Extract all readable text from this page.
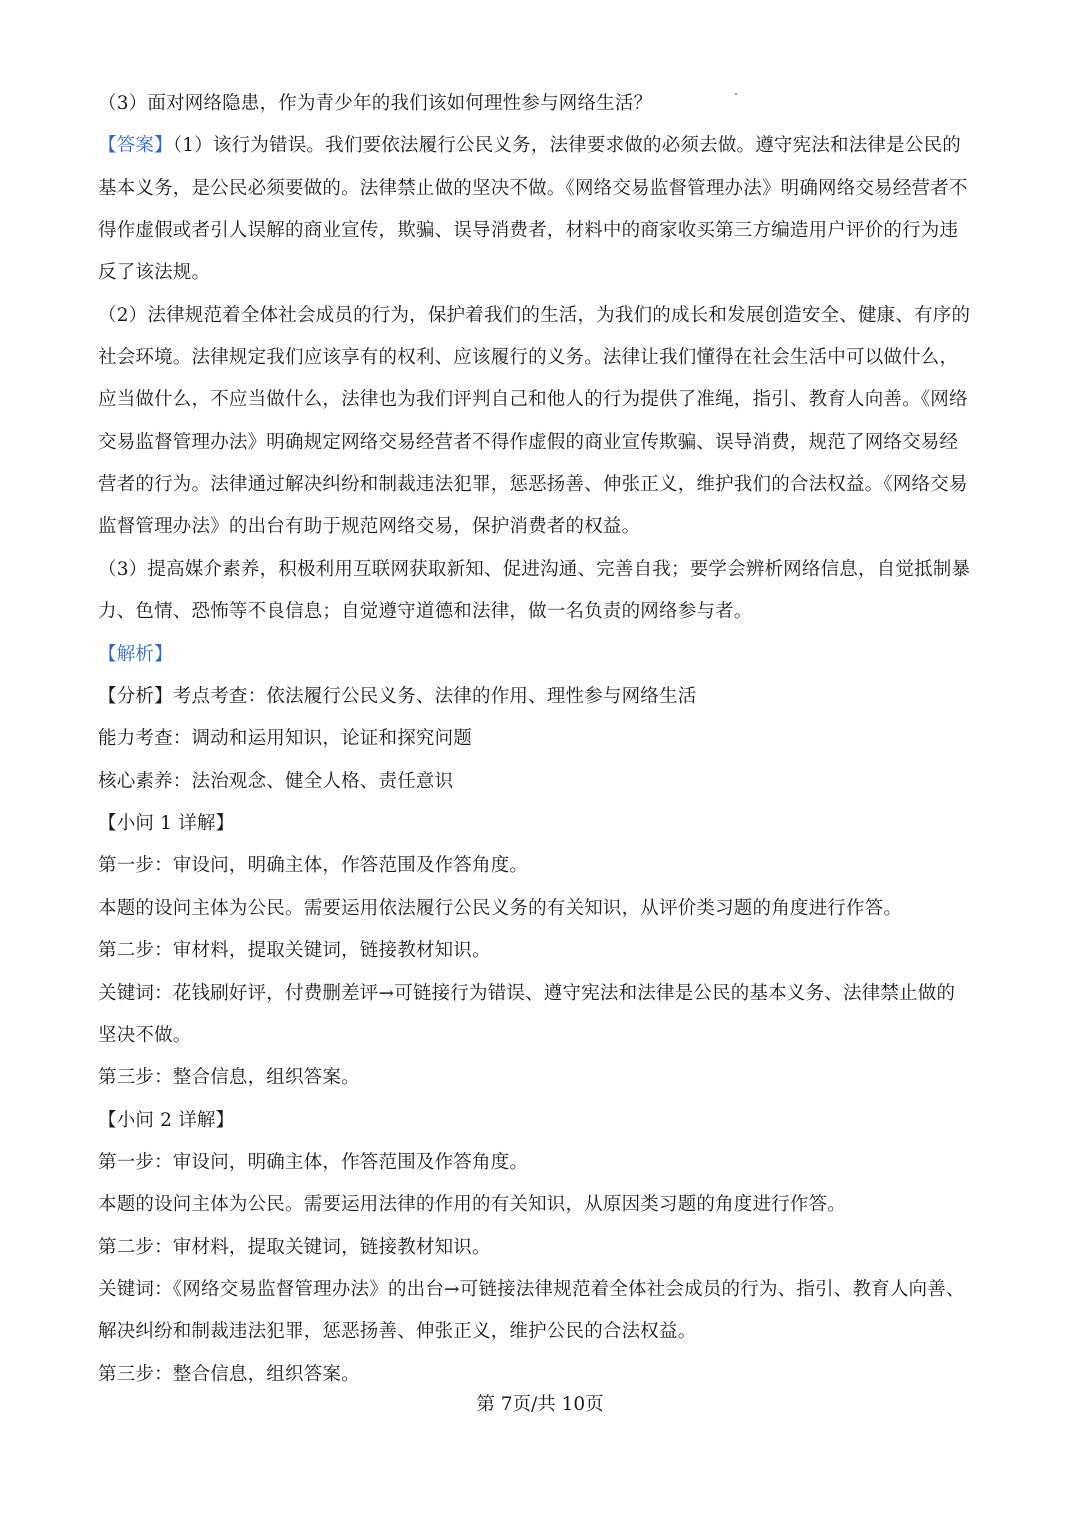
（3）面对网络隐患，作为青少年的我们该如何理性参与网络生活？
【答案】（1）该行为错误。我们要依法履行公民义务，法律要求做的必须去做。遵守宪法和法律是公民的
基本义务，是公民必须要做的。法律禁止做的坚决不做。《网络交易监督管理办法》明确网络交易经营者不
得作虚假或者引人误解的商业宣传，欺骗、误导消费者，材料中的商家收买第三方编造用户评价的行为违
反了该法规。
（2）法律规范着全体社会成员的行为，保护着我们的生活，为我们的成长和发展创造安全、健康、有序的
社会环境。法律规定我们应该享有的权利、应该履行的义务。法律让我们懂得在社会生活中可以做什么，
应当做什么，不应当做什么，法律也为我们评判自己和他人的行为提供了准绳，指引、教育人向善。《网络
交易监督管理办法》明确规定网络交易经营者不得作虚假的商业宣传欺骗、误导消费，规范了网络交易经
营者的行为。法律通过解决纠纷和制裁违法犯罪，惩恶扬善、伸张正义，维护我们的合法权益。《网络交易
监督管理办法》的出台有助于规范网络交易，保护消费者的权益。
（3）提高媒介素养，积极利用互联网获取新知、促进沟通、完善自我；要学会辨析网络信息，自觉抵制暴
力、色情、恐怖等不良信息；自觉遵守道德和法律，做一名负责的网络参与者。
【解析】
【分析】考点考查：依法履行公民义务、法律的作用、理性参与网络生活
能力考查：调动和运用知识，论证和探究问题
核心素养：法治观念、健全人格、责任意识
【小问 1 详解】
第一步：审设问，明确主体，作答范围及作答角度。
本题的设问主体为公民。需要运用依法履行公民义务的有关知识，从评价类习题的角度进行作答。
第二步：审材料，提取关键词，链接教材知识。
关键词：花钱刷好评，付费删差评→可链接行为错误、遵守宪法和法律是公民的基本义务、法律禁止做的
坚决不做。
第三步：整合信息，组织答案。
【小问 2 详解】
第一步：审设问，明确主体，作答范围及作答角度。
本题的设问主体为公民。需要运用法律的作用的有关知识，从原因类习题的角度进行作答。
第二步：审材料，提取关键词，链接教材知识。
关键词：《网络交易监督管理办法》的出台→可链接法律规范着全体社会成员的行为、指引、教育人向善、
解决纠纷和制裁违法犯罪，惩恶扬善、伸张正义，维护公民的合法权益。
第三步：整合信息，组织答案。
第 7页/共 10页
